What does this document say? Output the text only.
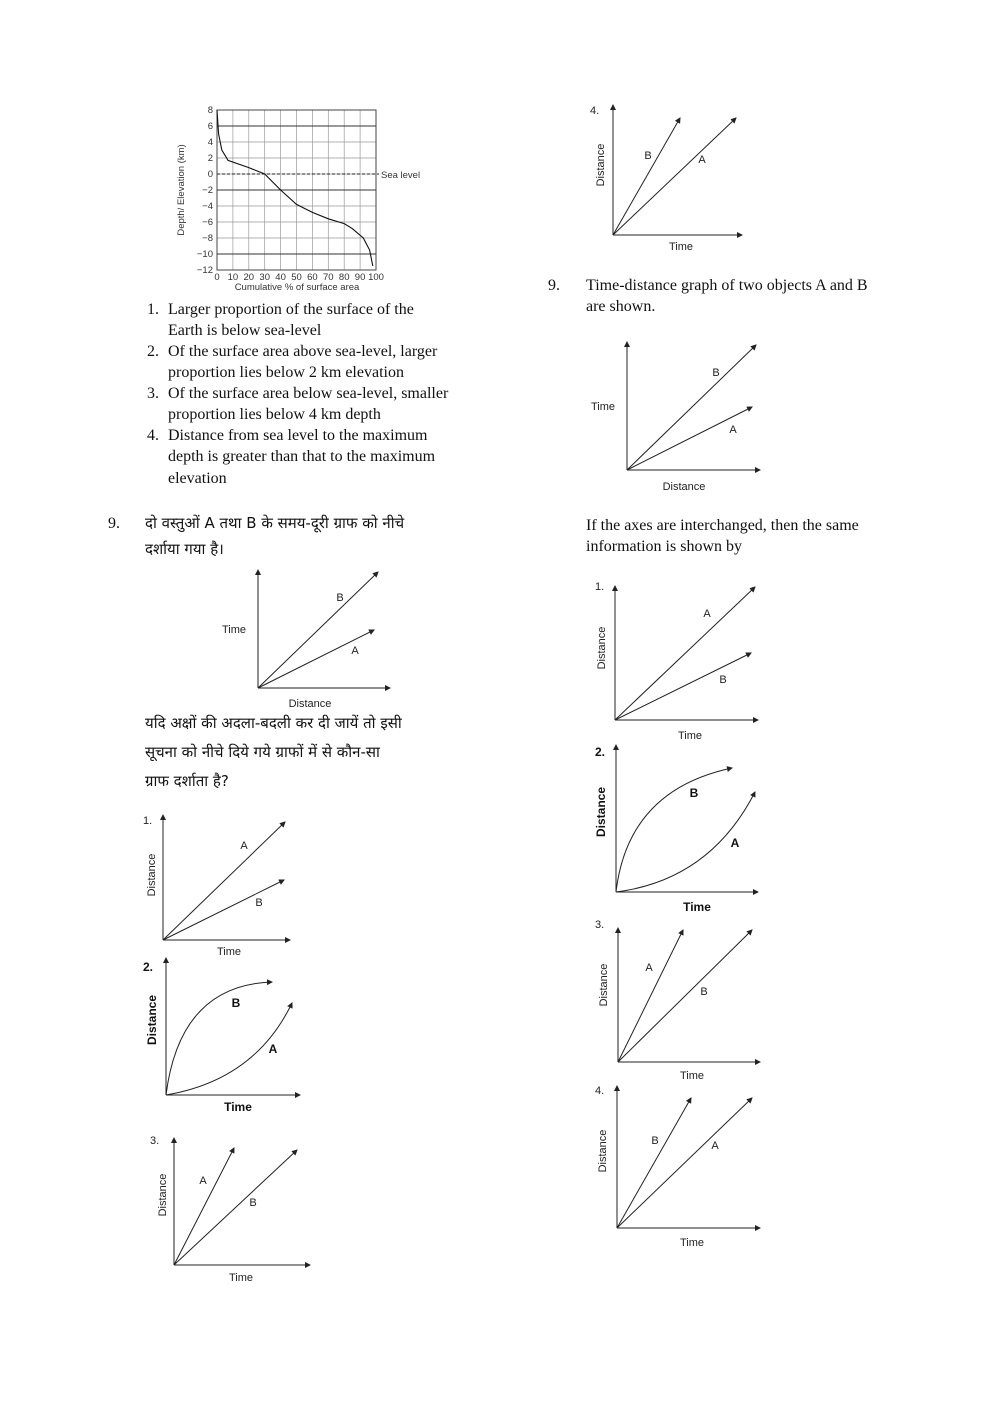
Sea level
8
6
4
2
0
−2
−4
−6
−8
−10
−12
0 10 20 30 40 50 60 70 80 90 100
Cumulative % of surface area
Depth/ Elevation (km)
1. Larger proportion of the surface of the
Earth is below sea-level
2. Of the surface area above sea-level, larger
proportion lies below 2 km elevation
3. Of the surface area below sea-level, smaller
proportion lies below 4 km depth
4. Distance from sea level to the maximum
depth is greater than that to the maximum
elevation
9. दो वस्तुओं A तथा B के समय-दूरी ग्राफ को नीचे
दर्शाया गया है।
यदि अक्षों की अदला-बदली कर दी जायें तो इसी
सूचना को नीचे दिये गये ग्राफों में से कौन-सा
ग्राफ दर्शाता है?
9. Time-distance graph of two objects A and B
are shown.
If the axes are interchanged, then the same
information is shown by
B	A
4.
Distance
Time
B
A
Time
Distance
A
B
1.
Distance
Time
B
A
2.
Distance
Time
A
B
3.
Distance
Time
B	A
4.
Distance
Time
B
A
Time
Distance
A
B
1.
Distance
Time
B
A
2.
Distance
Time
A
B
3.
Distance
Time
